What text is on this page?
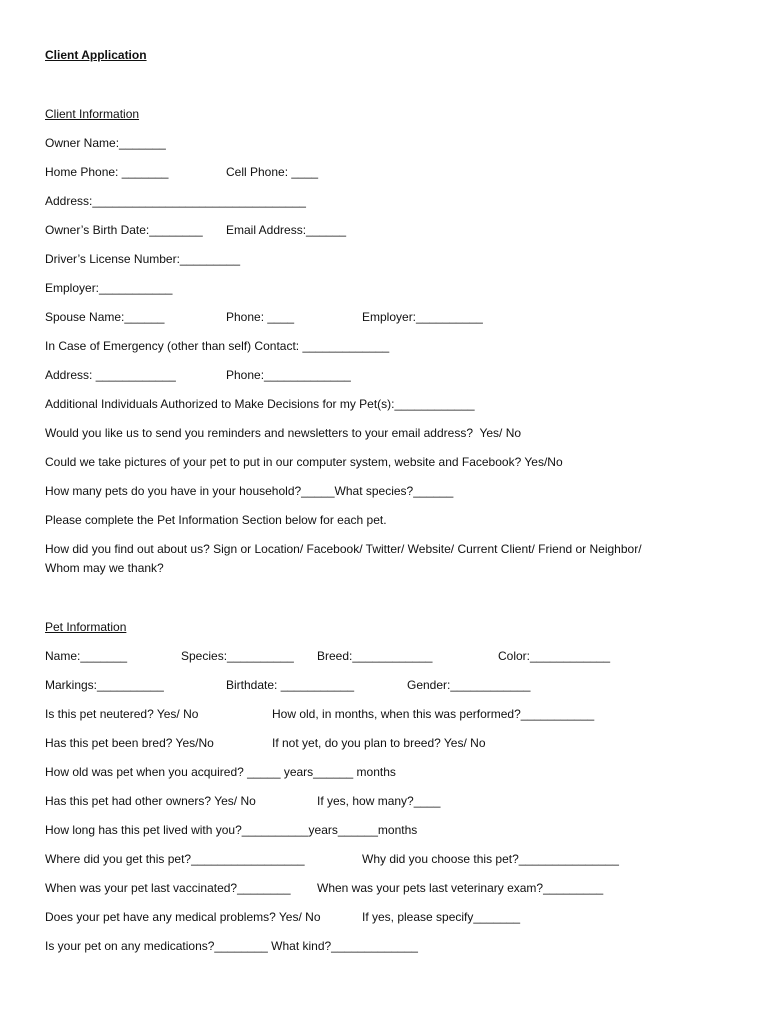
Client Application
Client Information
Owner Name:_______
Home Phone: _______	Cell Phone: ____
Address:________________________________
Owner’s Birth Date:________ Email Address:______
Driver’s License Number:_________
Employer:___________
Spouse Name:______	Phone: ____	Employer:__________
In Case of Emergency (other than self) Contact: _____________
Address: ____________	Phone:_____________
Additional Individuals Authorized to Make Decisions for my Pet(s):____________
Would you like us to send you reminders and newsletters to your email address?  Yes/ No
Could we take pictures of your pet to put in our computer system, website and Facebook? Yes/No
How many pets do you have in your household?_____What species?______
Please complete the Pet Information Section below for each pet.
How did you find out about us? Sign or Location/ Facebook/ Twitter/ Website/ Current Client/ Friend or Neighbor/
Whom may we thank?
Pet Information
Name:_______	Species:__________ Breed:____________	Color:____________
Markings:__________	Birthdate: ___________	Gender:____________
Is this pet neutered? Yes/ No	How old, in months, when this was performed?___________
Has this pet been bred? Yes/No	If not yet, do you plan to breed? Yes/ No
How old was pet when you acquired? _____ years______ months
Has this pet had other owners? Yes/ No	If yes, how many?____
How long has this pet lived with you?__________years______months
Where did you get this pet?_________________	Why did you choose this pet?_______________
When was your pet last vaccinated?________ When was your pets last veterinary exam?_________
Does your pet have any medical problems? Yes/ No	If yes, please specify_______
Is your pet on any medications?________ What kind?_____________
